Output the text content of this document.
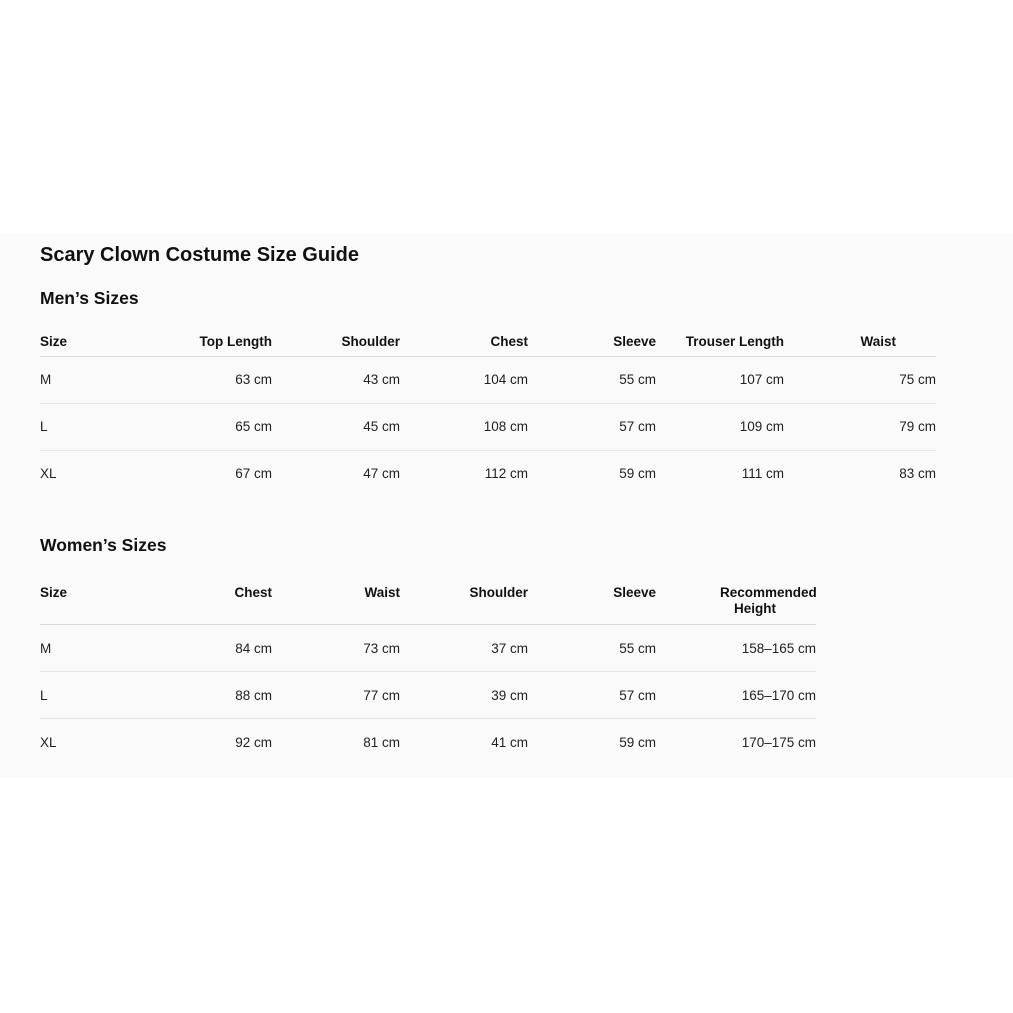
Scary Clown Costume Size Guide
Men’s Sizes
Size	Top Length	Shoulder	Chest	Sleeve	Trouser Length	Waist
M	63 cm	43 cm	104 cm	55 cm	107 cm	75 cm
L	65 cm	45 cm	108 cm	57 cm	109 cm	79 cm
XL	67 cm	47 cm	112 cm	59 cm	111 cm	83 cm
Women’s Sizes
Size	Chest	Waist	Shoulder	Sleeve	Recommended Height
M	84 cm	73 cm	37 cm	55 cm	158–165 cm
L	88 cm	77 cm	39 cm	57 cm	165–170 cm
XL	92 cm	81 cm	41 cm	59 cm	170–175 cm
